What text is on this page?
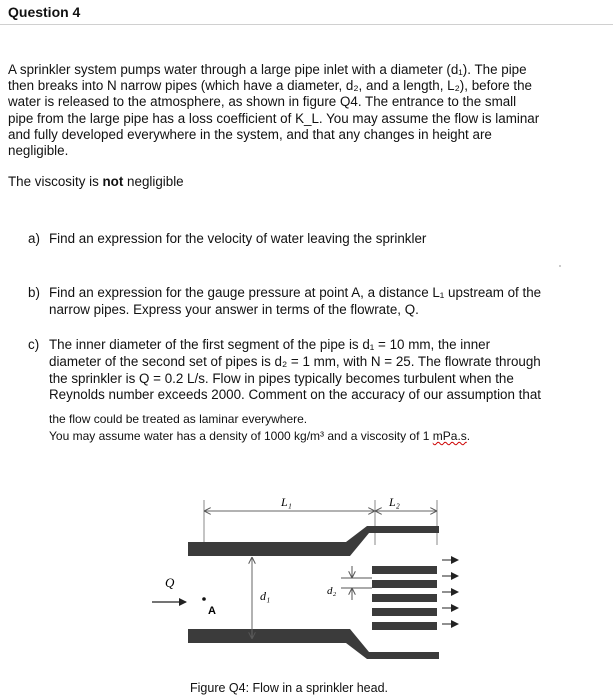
Question 4
A sprinkler system pumps water through a large pipe inlet with a diameter (d₁). The pipe
then breaks into N narrow pipes (which have a diameter, d₂, and a length, L₂), before the
water is released to the atmosphere, as shown in figure Q4. The entrance to the small
pipe from the large pipe has a loss coefficient of K_L. You may assume the flow is laminar
and fully developed everywhere in the system, and that any changes in height are
negligible.
The viscosity is not negligible
a) Find an expression for the velocity of water leaving the sprinkler
b) Find an expression for the gauge pressure at point A, a distance L₁ upstream of the
narrow pipes. Express your answer in terms of the flowrate, Q.
c) The inner diameter of the first segment of the pipe is d₁ = 10 mm, the inner
diameter of the second set of pipes is d₂ = 1 mm, with N = 25. The flowrate through
the sprinkler is Q = 0.2 L/s. Flow in pipes typically becomes turbulent when the
Reynolds number exceeds 2000. Comment on the accuracy of our assumption that
the flow could be treated as laminar everywhere.
You may assume water has a density of 1000 kg/m³ and a viscosity of 1 mPa.s.
L₁	L₂
Q
A
d₁	d₂
Figure Q4: Flow in a sprinkler head.
